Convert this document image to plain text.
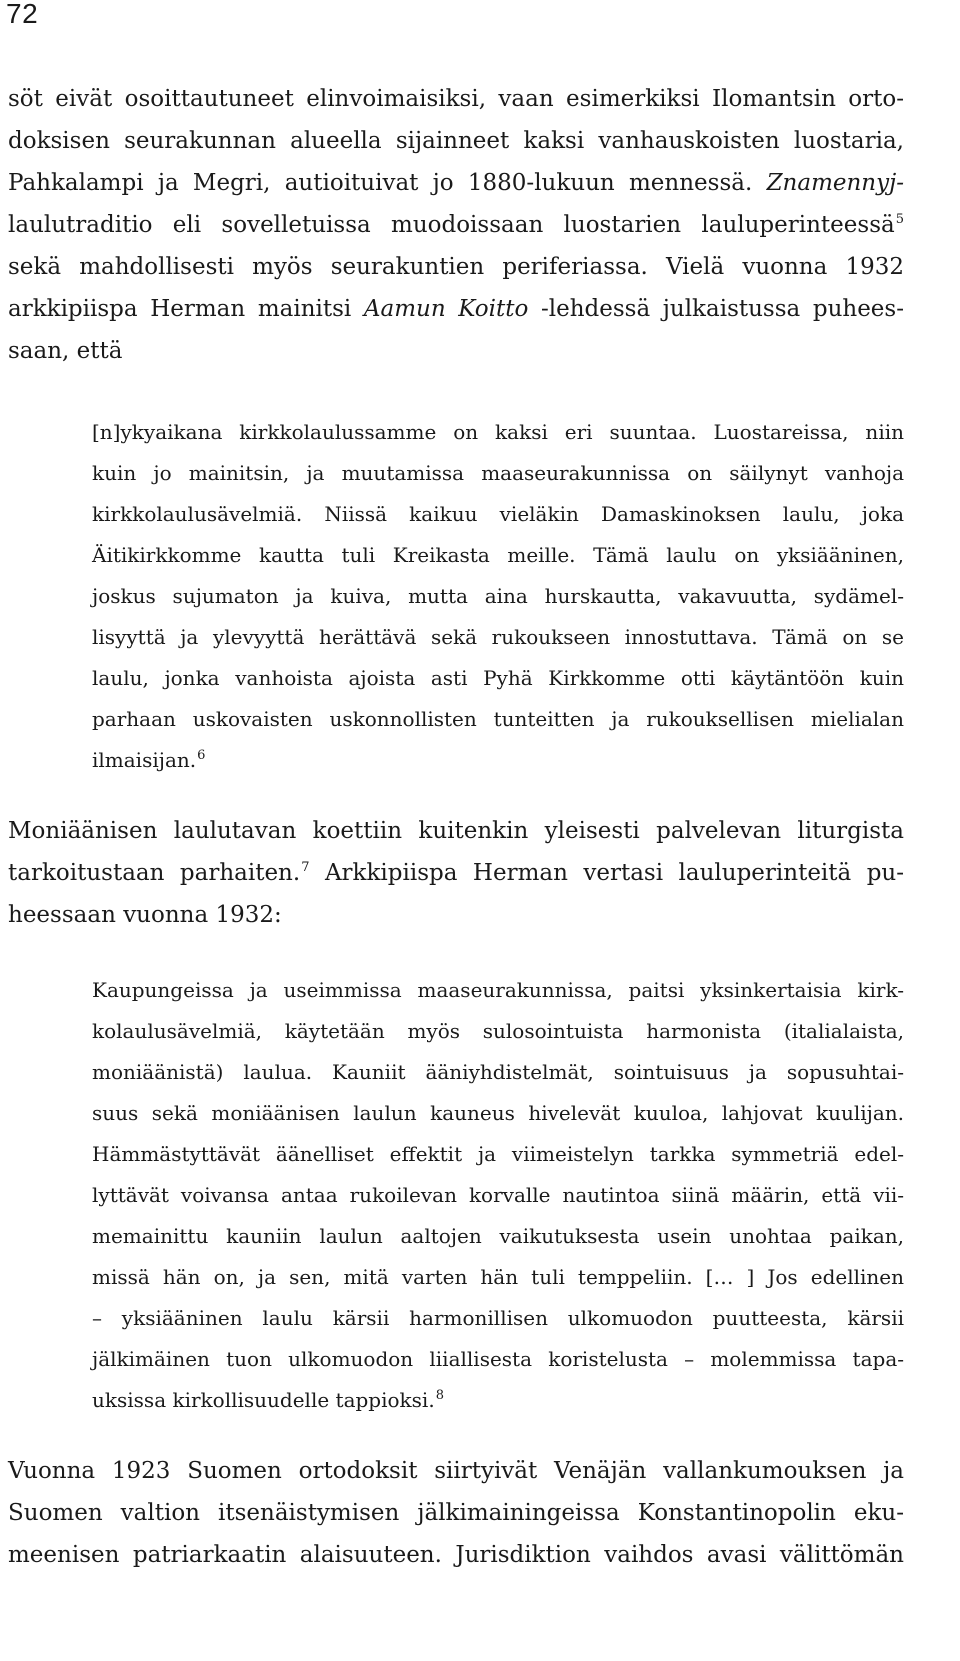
72
söt eivät osoittautuneet elinvoimaisiksi, vaan esimerkiksi Ilomantsin orto-
doksisen seurakunnan alueella sijainneet kaksi vanhauskoisten luostaria,
Pahkalampi ja Megri, autioituivat jo 1880-lukuun mennessä. Znamennyj-
laulutraditio eli sovelletuissa muodoissaan luostarien lauluperinteessä$^5$
sekä mahdollisesti myös seurakuntien periferiassa. Vielä vuonna 1932
arkkipiispa Herman mainitsi Aamun Koitto -lehdessä julkaistussa puhees-
saan, että
[n]ykyaikana kirkkolaulussamme on kaksi eri suuntaa. Luostareissa, niin
kuin jo mainitsin, ja muutamissa maaseurakunnissa on säilynyt vanhoja
kirkkolaulusävelmiä. Niissä kaikuu vieläkin Damaskinoksen laulu, joka
Äitikirkkomme kautta tuli Kreikasta meille. Tämä laulu on yksiääninen,
joskus sujumaton ja kuiva, mutta aina hurskautta, vakavuutta, sydämel-
lisyyttä ja ylevyyttä herättävä sekä rukoukseen innostuttava. Tämä on se
laulu, jonka vanhoista ajoista asti Pyhä Kirkkomme otti käytäntöön kuin
parhaan uskovaisten uskonnollisten tunteitten ja rukouksellisen mielialan
ilmaisijan.$^6$
Moniäänisen laulutavan koettiin kuitenkin yleisesti palvelevan liturgista
tarkoitustaan parhaiten.$^7$ Arkkipiispa Herman vertasi lauluperinteitä pu-
heessaan vuonna 1932:
Kaupungeissa ja useimmissa maaseurakunnissa, paitsi yksinkertaisia kirk-
kolaulusävelmiä, käytetään myös sulosointuista harmonista (italialaista,
moniäänistä) laulua. Kauniit ääniyhdistelmät, sointuisuus ja sopusuhtai-
suus sekä moniäänisen laulun kauneus hivelevät kuuloa, lahjovat kuulijan.
Hämmästyttävät äänelliset effektit ja viimeistelyn tarkka symmetriä edel-
lyttävät voivansa antaa rukoilevan korvalle nautintoa siinä määrin, että vii-
memainittu kauniin laulun aaltojen vaikutuksesta usein unohtaa paikan,
missä hän on, ja sen, mitä varten hän tuli temppeliin. [… ] Jos edellinen
– yksiääninen laulu kärsii harmonillisen ulkomuodon puutteesta, kärsii
jälkimäinen tuon ulkomuodon liiallisesta koristelusta – molemmissa tapa-
uksissa kirkollisuudelle tappioksi.$^8$
Vuonna 1923 Suomen ortodoksit siirtyivät Venäjän vallankumouksen ja
Suomen valtion itsenäistymisen jälkimainingeissa Konstantinopolin eku-
meenisen patriarkaatin alaisuuteen. Jurisdiktion vaihdos avasi välittömän
